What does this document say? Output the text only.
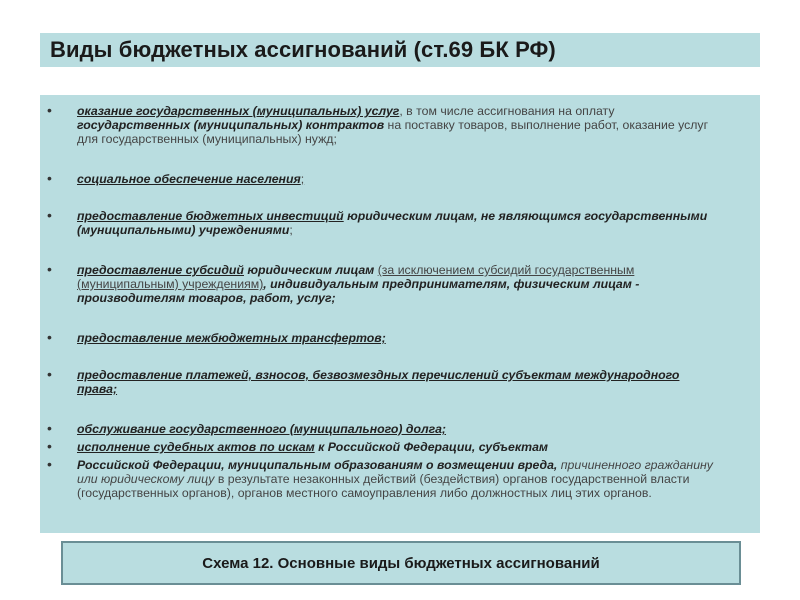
Виды бюджетных ассигнований (ст.69 БК РФ)
• оказание государственных (муниципальных) услуг, в том числе ассигнования на оплату государственных (муниципальных) контрактов на поставку товаров, выполнение работ, оказание услуг для государственных (муниципальных) нужд;
• социальное обеспечение населения;
• предоставление бюджетных инвестиций юридическим лицам, не являющимся государственными (муниципальными) учреждениями;
• предоставление субсидий юридическим лицам (за исключением субсидий государственным (муниципальным) учреждениям), индивидуальным предпринимателям, физическим лицам - производителям товаров, работ, услуг;
• предоставление межбюджетных трансфертов;
• предоставление платежей, взносов, безвозмездных перечислений субъектам международного права;
• обслуживание государственного (муниципального) долга;
• исполнение судебных актов по искам к Российской Федерации, субъектам
• Российской Федерации, муниципальным образованиям о возмещении вреда, причиненного гражданину или юридическому лицу в результате незаконных действий (бездействия) органов государственной власти (государственных органов), органов местного самоуправления либо должностных лиц этих органов.
Схема 12. Основные виды бюджетных ассигнований
